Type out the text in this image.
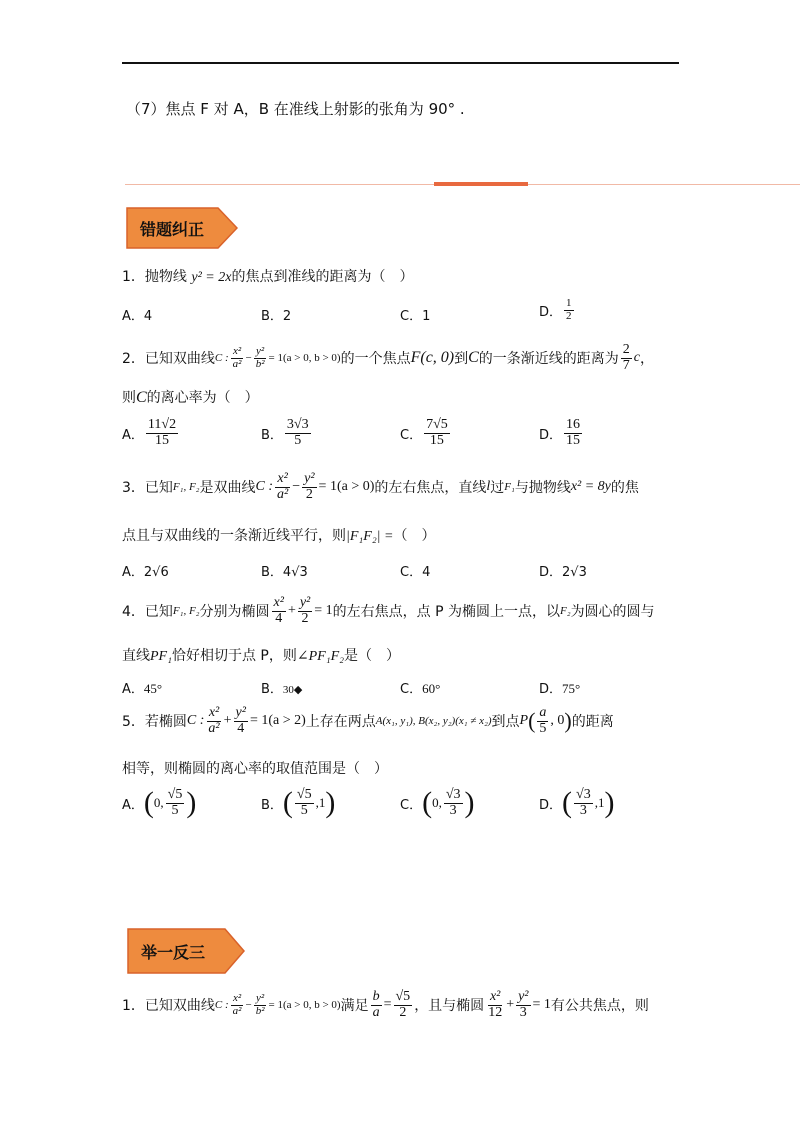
（7）焦点 F 对 A，B 在准线上射影的张角为 90° .
错题纠正
1．抛物线 y² = 2x的焦点到准线的距离为（　）
A．4	B．2	C．1	D． $\frac{1}{2}$
2． 已知双曲线 C : $\frac{\text{x²}}{\text{a²}} - \frac{\text{y²}}{\text{b²}} = 1(a > 0$, b > 0) 的一个焦点 F(c, 0) 到 C 的一条渐近线的距离为 $\frac{2}{7}$ c ，
则C的离心率为（　）
A． $\frac{11√2}{15}$	B． $\frac{3√3}{5}$	C． $\frac{7√5}{15}$	D． $\frac{16}{15}$
3． 已知 F₁, F₂ 是双曲线 C : $\frac{\text{x²}}{\text{a²}} - \frac{\text{y²}}{2} = 1(a > 0)$ 的左右焦点，直线 l 过 F₁ 与抛物线 x² = 8y 的焦
点且与双曲线的一条渐近线平行，则|F₁F₂| =（　）
A．2√6	B．4√3	C．4	D．2√3
4． 已知 F₁, F₂ 分别为椭圆 $\frac{\text{x²}}{4} + \frac{\text{y²}}{2} = 1$ 的左右焦点，点 P 为椭圆上一点，以 F₂ 为圆心的圆与
直线PF₁恰好相切于点 P，则∠PF₁F₂是（　）
A．45°	B．30◆	C．60°	D．75°
5． 若椭圆 C : $\frac{\text{x²}}{\text{a²}} + \frac{\text{y²}}{4} = 1(a > 2)$ 上存在两点 A(x₁, y₁), B(x₂, y₂)(x₁ ≠ x₂) 到点 P ( $\frac{a}{5}$ , 0 ) 的距离
相等，则椭圆的离心率的取值范围是（　）
A． ( 0, $\frac{√5}{5}$ )	B． ( $\frac{√5}{5} ,1$ )	C． ( 0, $\frac{√3}{3}$ )	D． ( $\frac{√3}{3} ,1$ )
举一反三
1． 已知双曲线 C : $\frac{\text{x²}}{\text{a²}} - \frac{\text{y²}}{\text{b²}} = 1(a > 0$, b > 0) 满足 $\frac{b}{a} = \frac{√5}{2}$ ，且与椭圆 $\frac{\text{x²}}{12} + \frac{\text{y²}}{3} = 1$ 有公共焦点，则
